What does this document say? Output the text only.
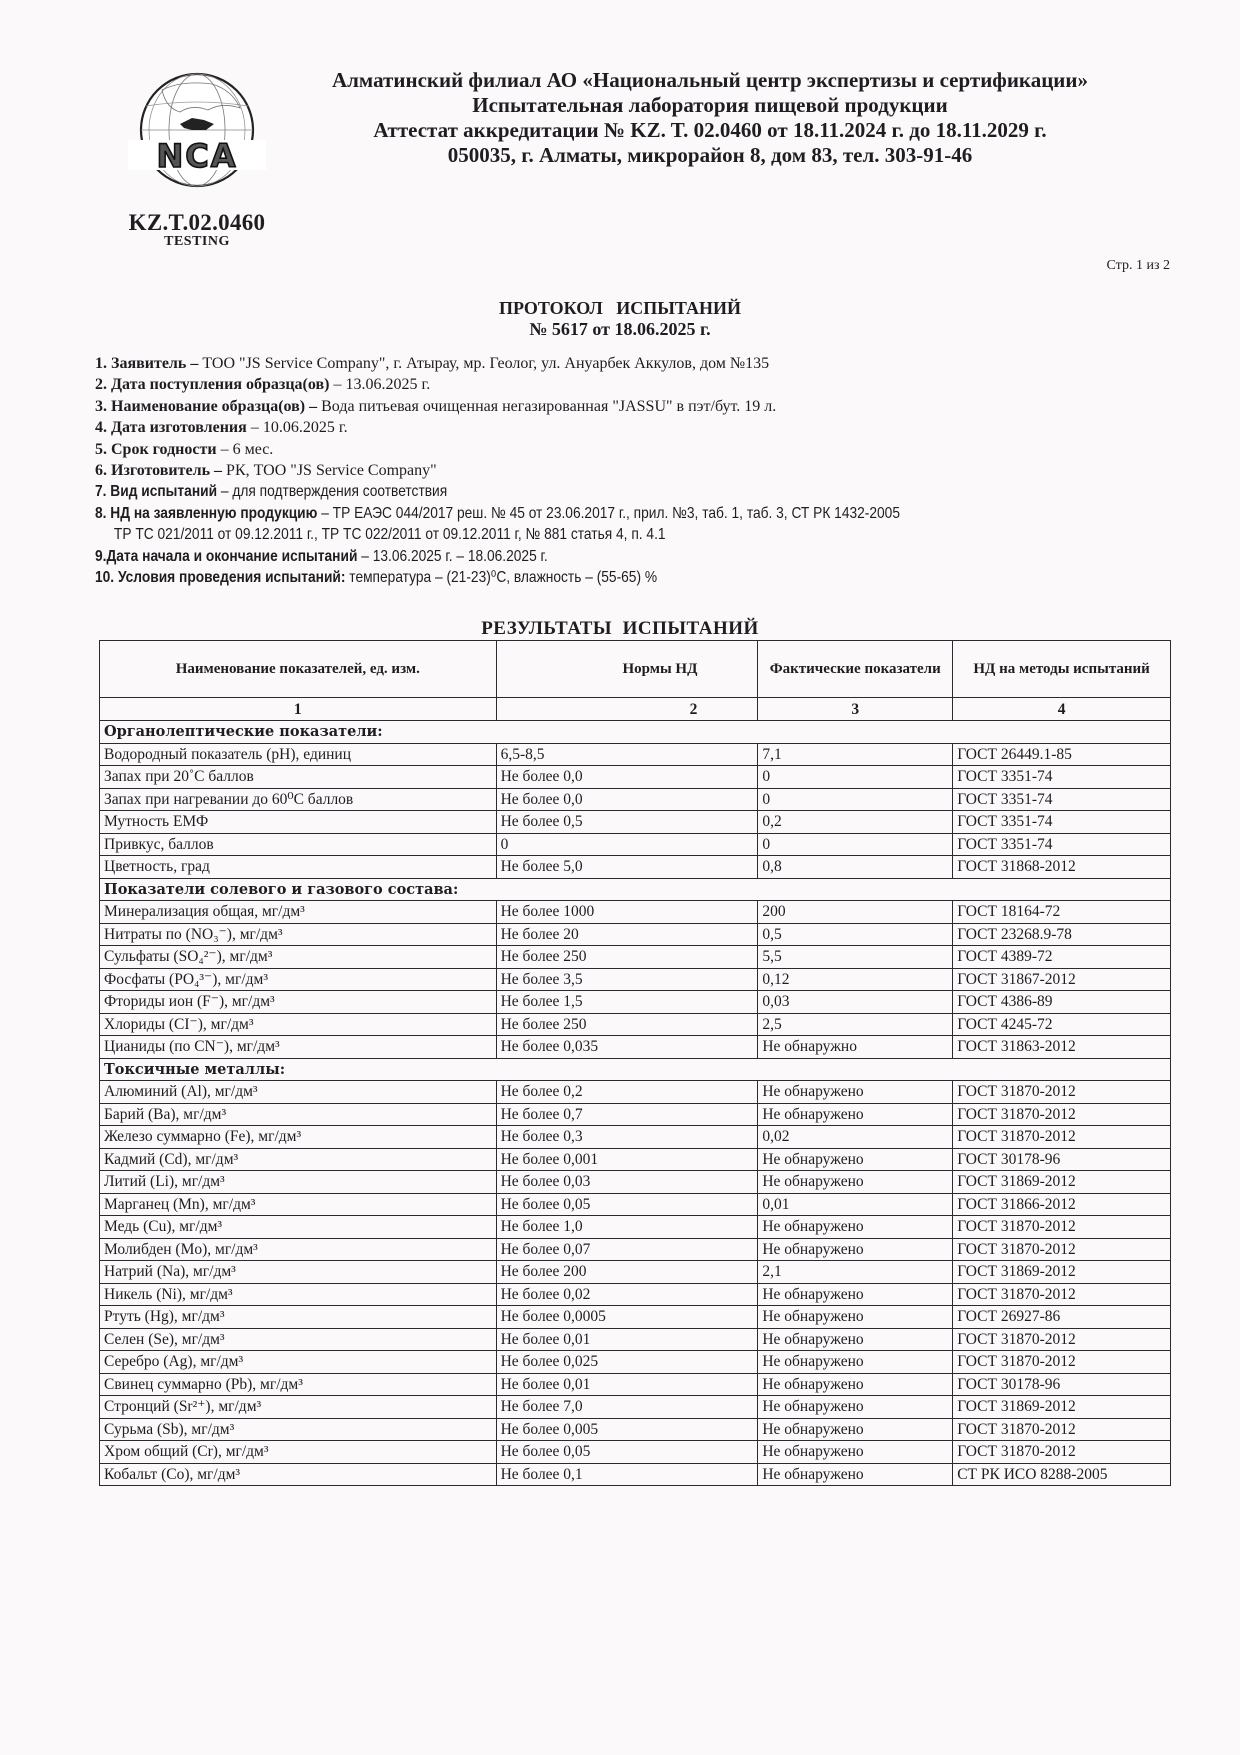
NCA
KZ.T.02.0460
TESTING
Алматинский филиал АО «Национальный центр экспертизы и сертификации»
Испытательная лаборатория пищевой продукции
Аттестат аккредитации № KZ. T. 02.0460 от 18.11.2024 г. до 18.11.2029 г.
050035, г. Алматы, микрорайон 8, дом 83, тел. 303-91-46
Стр. 1 из 2
ПРОТОКОЛ   ИСПЫТАНИЙ
№ 5617 от 18.06.2025 г.
1. Заявитель – ТОО "JS Service Company", г. Атырау, мр. Геолог, ул. Ануарбек Аккулов, дом №135
2. Дата поступления образца(ов) – 13.06.2025 г.
3. Наименование образца(ов) – Вода питьевая очищенная негазированная "JASSU" в пэт/бут. 19 л.
4. Дата изготовления – 10.06.2025 г.
5. Срок годности – 6 мес.
6. Изготовитель – РК, ТОО "JS Service Company"
7. Вид испытаний – для подтверждения соответствия
8. НД на заявленную продукцию – ТР ЕАЭС 044/2017 реш. № 45 от 23.06.2017 г., прил. №3, таб. 1, таб. 3, СТ РК 1432-2005
ТР ТС 021/2011 от 09.12.2011 г., ТР ТС 022/2011 от 09.12.2011 г, № 881 статья 4, п. 4.1
9.Дата начала и окончание испытаний – 13.06.2025 г. – 18.06.2025 г.
10. Условия проведения испытаний: температура – (21-23)⁰С, влажность – (55-65) %
РЕЗУЛЬТАТЫ  ИСПЫТАНИЙ
Наименование показателей, ед. изм.	Нормы НД	Фактические показатели	НД на методы испытаний
1	2	3	4
Органолептические показатели:			
Водородный показатель (pH), единиц	6,5-8,5	7,1	ГОСТ 26449.1-85
Запах при 20˚С баллов	Не более 0,0	0	ГОСТ 3351-74
Запах при нагревании до 60⁰С баллов	Не более 0,0	0	ГОСТ 3351-74
Мутность ЕМФ	Не более 0,5	0,2	ГОСТ 3351-74
Привкус, баллов	0	0	ГОСТ 3351-74
Цветность, град	Не более 5,0	0,8	ГОСТ 31868-2012
Показатели солевого и газового состава:			
Минерализация общая, мг/дм³	Не более 1000	200	ГОСТ 18164-72
Нитраты по (NO₃⁻), мг/дм³	Не более 20	0,5	ГОСТ 23268.9-78
Сульфаты (SO₄²⁻), мг/дм³	Не более 250	5,5	ГОСТ 4389-72
Фосфаты (PO₄³⁻), мг/дм³	Не более 3,5	0,12	ГОСТ 31867-2012
Фториды ион (F⁻), мг/дм³	Не более 1,5	0,03	ГОСТ 4386-89
Хлориды (CI⁻), мг/дм³	Не более 250	2,5	ГОСТ 4245-72
Цианиды (по CN⁻), мг/дм³	Не более 0,035	Не обнаружно	ГОСТ 31863-2012
Токсичные металлы:			
Алюминий (Al), мг/дм³	Не более 0,2	Не обнаружено	ГОСТ 31870-2012
Барий (Ba), мг/дм³	Не более 0,7	Не обнаружено	ГОСТ 31870-2012
Железо суммарно (Fe), мг/дм³	Не более 0,3	0,02	ГОСТ 31870-2012
Кадмий (Cd), мг/дм³	Не более 0,001	Не обнаружено	ГОСТ 30178-96
Литий (Li), мг/дм³	Не более 0,03	Не обнаружено	ГОСТ 31869-2012
Марганец (Mn), мг/дм³	Не более 0,05	0,01	ГОСТ 31866-2012
Медь (Cu), мг/дм³	Не более 1,0	Не обнаружено	ГОСТ 31870-2012
Молибден (Mo), мг/дм³	Не более 0,07	Не обнаружено	ГОСТ 31870-2012
Натрий (Na), мг/дм³	Не более 200	2,1	ГОСТ 31869-2012
Никель (Ni), мг/дм³	Не более 0,02	Не обнаружено	ГОСТ 31870-2012
Ртуть (Hg), мг/дм³	Не более 0,0005	Не обнаружено	ГОСТ 26927-86
Селен (Se), мг/дм³	Не более 0,01	Не обнаружено	ГОСТ 31870-2012
Серебро (Ag), мг/дм³	Не более 0,025	Не обнаружено	ГОСТ 31870-2012
Свинец суммарно (Pb), мг/дм³	Не более 0,01	Не обнаружено	ГОСТ 30178-96
Стронций (Sr²⁺), мг/дм³	Не более 7,0	Не обнаружено	ГОСТ 31869-2012
Сурьма (Sb), мг/дм³	Не более 0,005	Не обнаружено	ГОСТ 31870-2012
Хром общий (Cr), мг/дм³	Не более 0,05	Не обнаружено	ГОСТ 31870-2012
Кобальт (Co), мг/дм³	Не более 0,1	Не обнаружено	СТ РК ИСО 8288-2005
